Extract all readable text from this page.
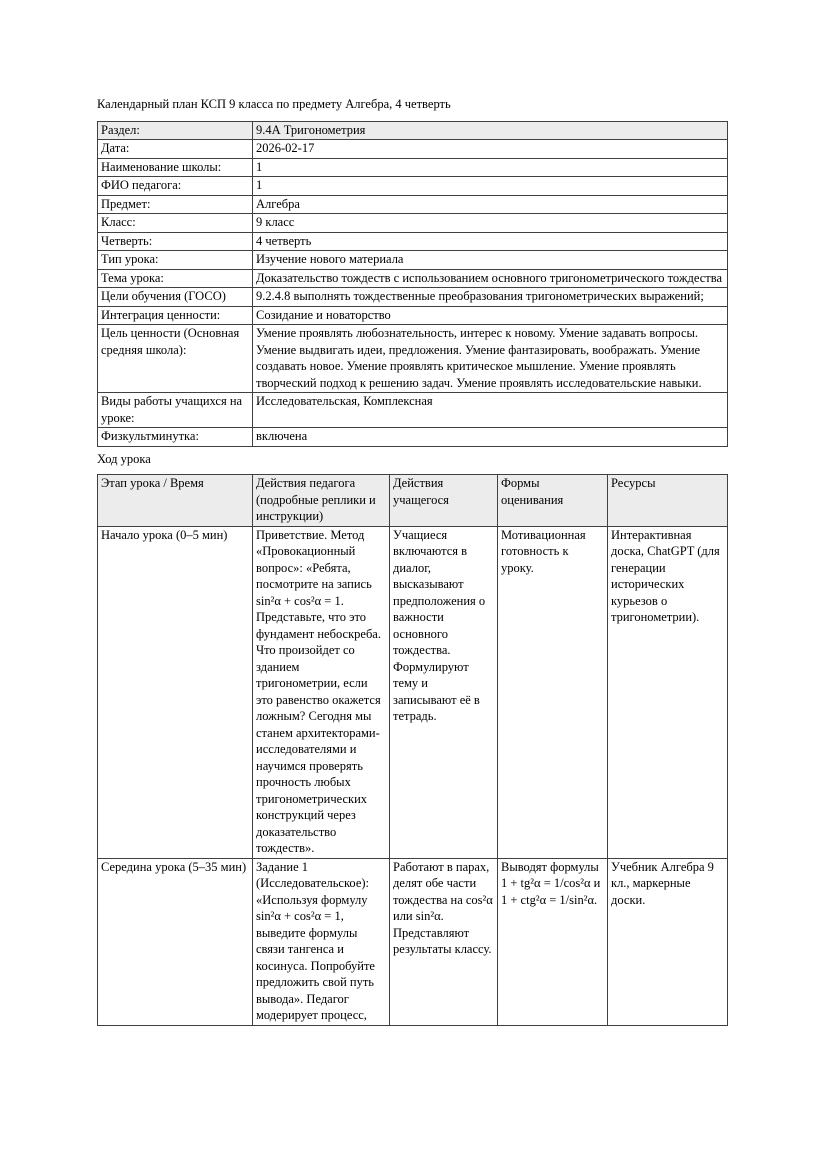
Календарный план КСП 9 класса по предмету Алгебра, 4 четверть

Раздел:	9.4А Тригонометрия
Дата:	2026-02-17
Наименование школы:	1
ФИО педагога:	1
Предмет:	Алгебра
Класс:	9 класс
Четверть:	4 четверть
Тип урока:	Изучение нового материала
Тема урока:	Доказательство тождеств с использованием основного тригонометрического тождества
Цели обучения (ГОСО)	9.2.4.8 выполнять тождественные преобразования тригонометрических выражений;
Интеграция ценности:	Созидание и новаторство
Цель ценности (Основная средняя школа):	Умение проявлять любознательность, интерес к новому. Умение задавать вопросы. Умение выдвигать идеи, предложения. Умение фантазировать, воображать. Умение создавать новое. Умение проявлять критическое мышление. Умение проявлять творческий подход к решению задач. Умение проявлять исследовательские навыки.
Виды работы учащихся на уроке:	Исследовательская, Комплексная
Физкультминутка:	включена

Ход урока

Этап урока / Время	Действия педагога (подробные реплики и инструкции)	Действия учащегося	Формы оценивания	Ресурсы
Начало урока (0–5 мин)	Приветствие. Метод «Провокационный вопрос»: «Ребята, посмотрите на запись sin²α + cos²α = 1. Представьте, что это фундамент небоскреба. Что произойдет со зданием тригонометрии, если это равенство окажется ложным? Сегодня мы станем архитекторами-исследователями и научимся проверять прочность любых тригонометрических конструкций через доказательство тождеств».	Учащиеся включаются в диалог, высказывают предположения о важности основного тождества. Формулируют тему и записывают её в тетрадь.	Мотивационная готовность к уроку.	Интерактивная доска, ChatGPT (для генерации исторических курьезов о тригонометрии).
Середина урока (5–35 мин)	Задание 1 (Исследовательское): «Используя формулу sin²α + cos²α = 1, выведите формулы связи тангенса и косинуса. Попробуйте предложить свой путь вывода». Педагог модерирует процесс,	Работают в парах, делят обе части тождества на cos²α или sin²α. Представляют результаты классу.	Выводят формулы 1 + tg²α = 1/cos²α и 1 + ctg²α = 1/sin²α.	Учебник Алгебра 9 кл., маркерные доски.
